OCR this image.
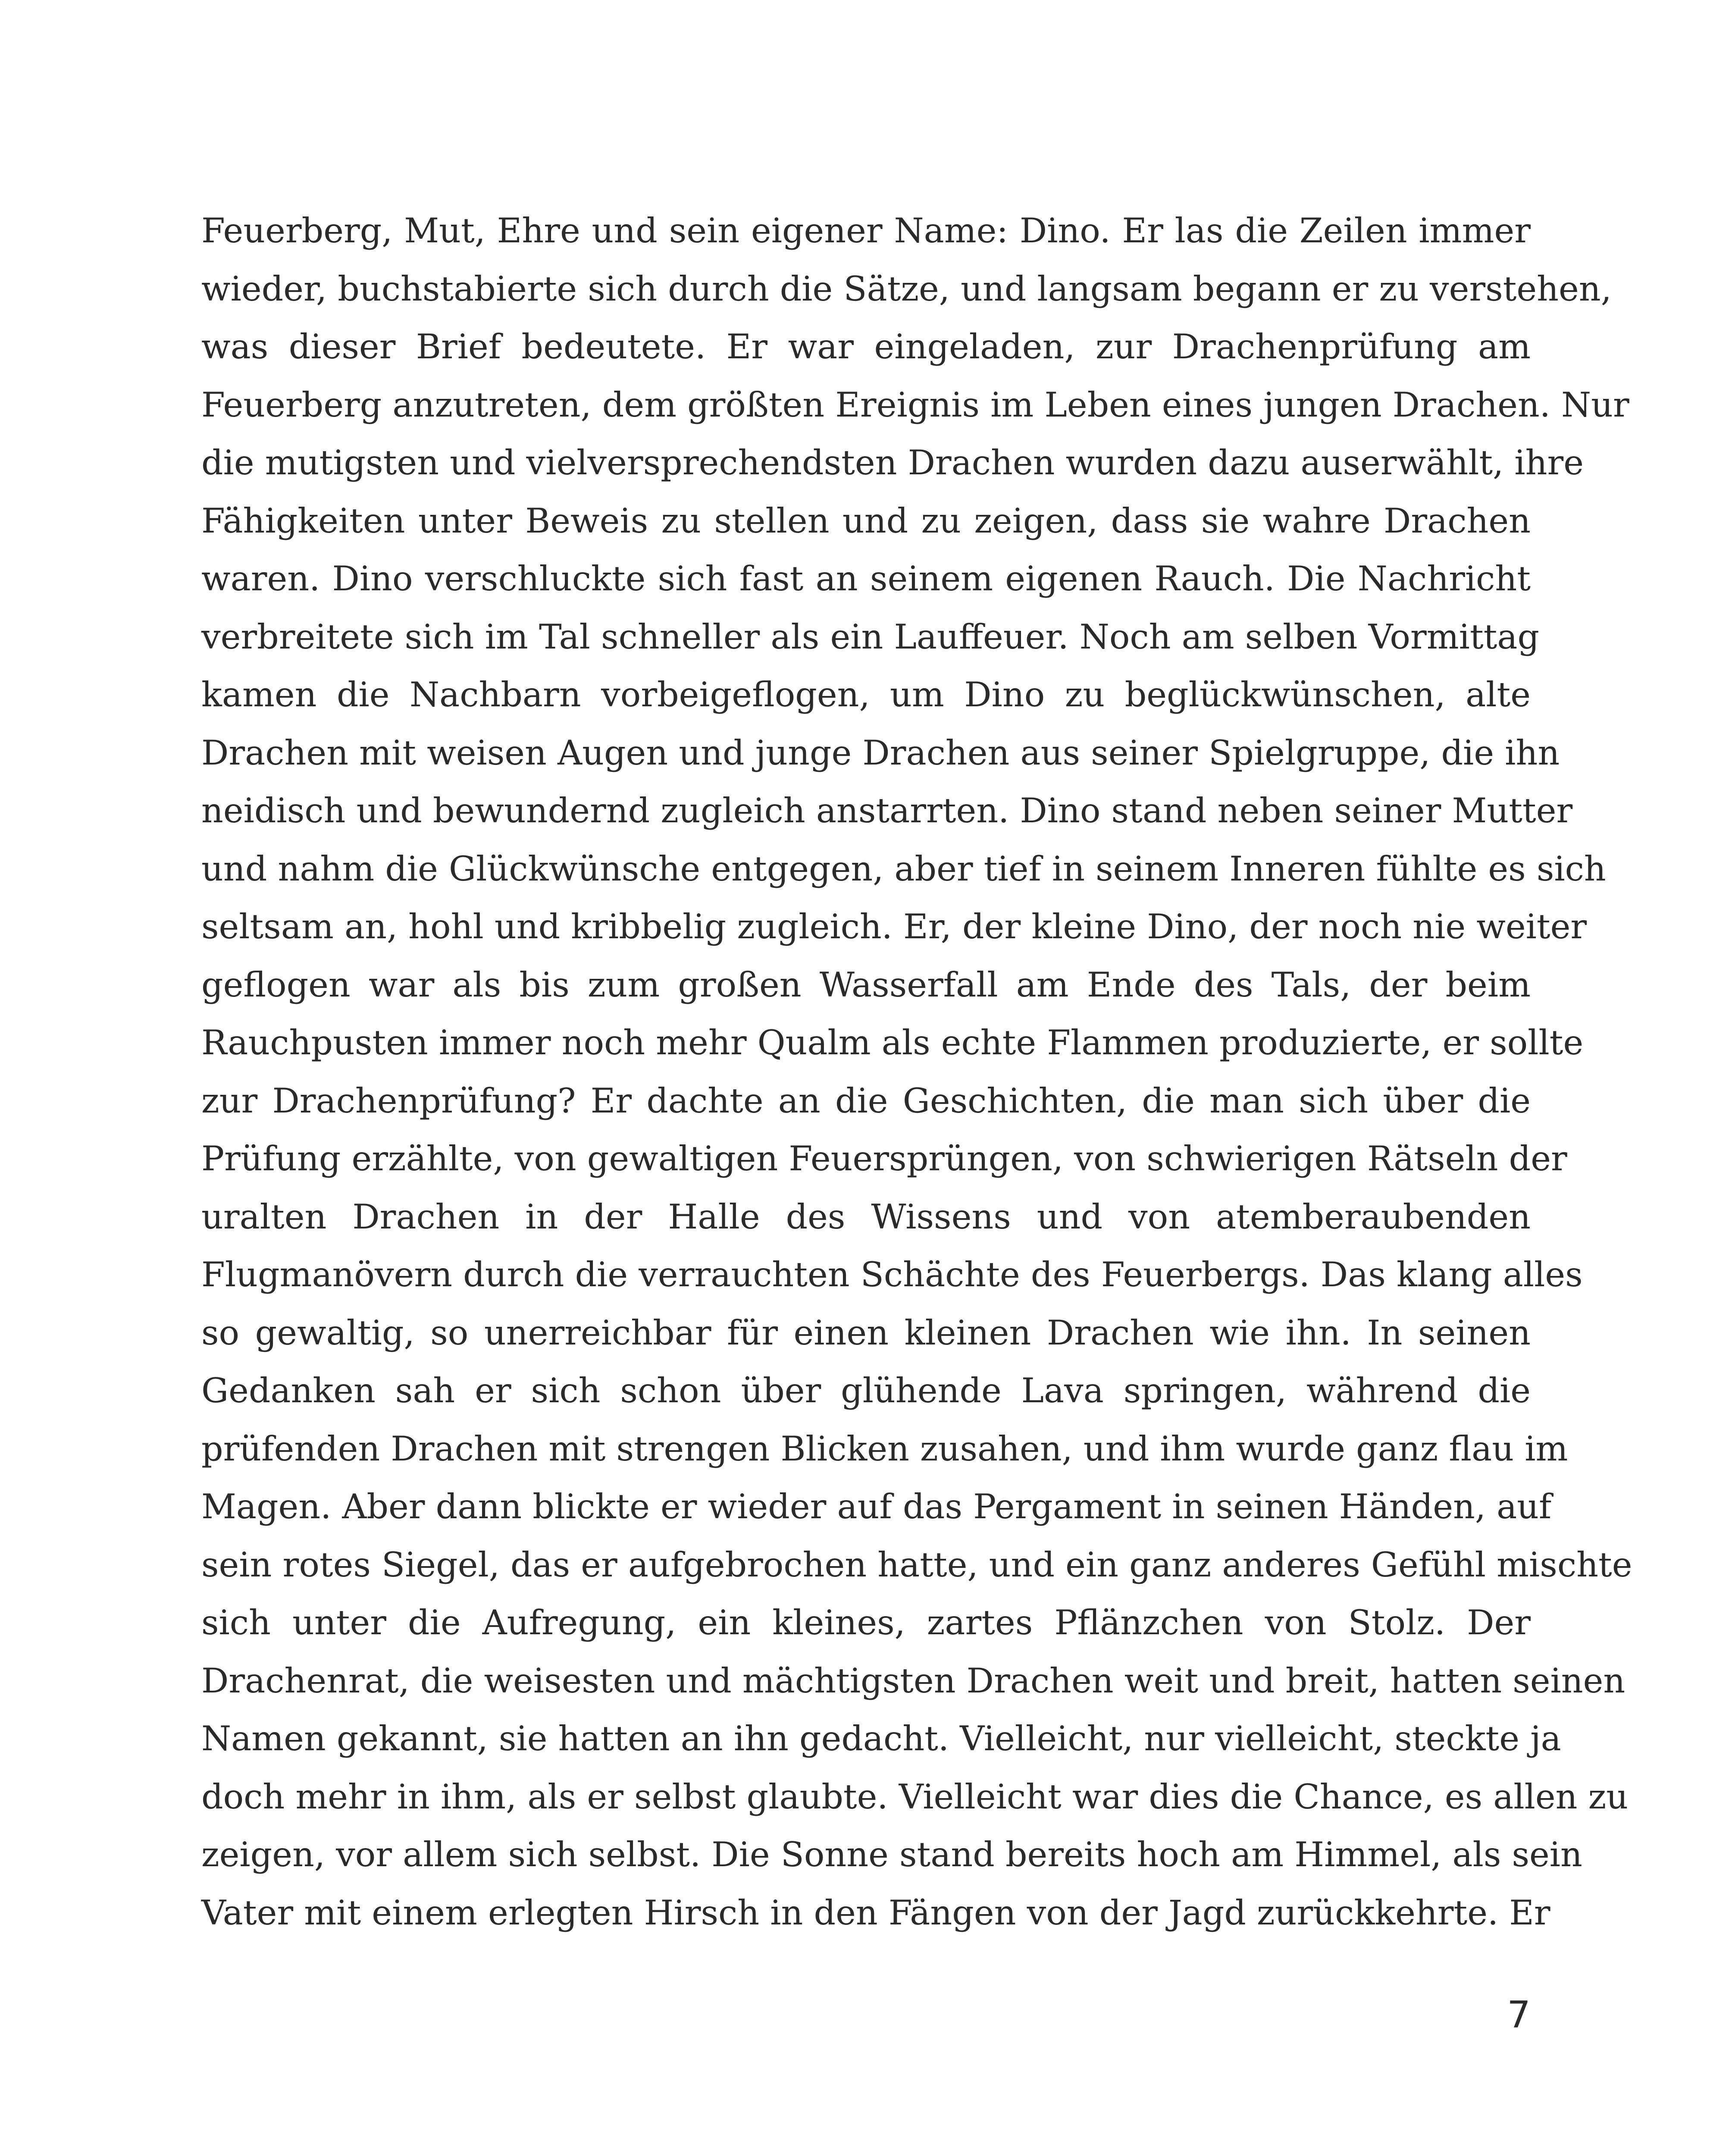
Feuerberg, Mut, Ehre und sein eigener Name: Dino. Er las die Zeilen immer
wieder, buchstabierte sich durch die Sätze, und langsam begann er zu verstehen,
was dieser Brief bedeutete. Er war eingeladen, zur Drachenprüfung am
Feuerberg anzutreten, dem größten Ereignis im Leben eines jungen Drachen. Nur
die mutigsten und vielversprechendsten Drachen wurden dazu auserwählt, ihre
Fähigkeiten unter Beweis zu stellen und zu zeigen, dass sie wahre Drachen
waren. Dino verschluckte sich fast an seinem eigenen Rauch. Die Nachricht
verbreitete sich im Tal schneller als ein Lauffeuer. Noch am selben Vormittag
kamen die Nachbarn vorbeigeflogen, um Dino zu beglückwünschen, alte
Drachen mit weisen Augen und junge Drachen aus seiner Spielgruppe, die ihn
neidisch und bewundernd zugleich anstarrten. Dino stand neben seiner Mutter
und nahm die Glückwünsche entgegen, aber tief in seinem Inneren fühlte es sich
seltsam an, hohl und kribbelig zugleich. Er, der kleine Dino, der noch nie weiter
geflogen war als bis zum großen Wasserfall am Ende des Tals, der beim
Rauchpusten immer noch mehr Qualm als echte Flammen produzierte, er sollte
zur Drachenprüfung? Er dachte an die Geschichten, die man sich über die
Prüfung erzählte, von gewaltigen Feuersprüngen, von schwierigen Rätseln der
uralten Drachen in der Halle des Wissens und von atemberaubenden
Flugmanövern durch die verrauchten Schächte des Feuerbergs. Das klang alles
so gewaltig, so unerreichbar für einen kleinen Drachen wie ihn. In seinen
Gedanken sah er sich schon über glühende Lava springen, während die
prüfenden Drachen mit strengen Blicken zusahen, und ihm wurde ganz flau im
Magen. Aber dann blickte er wieder auf das Pergament in seinen Händen, auf
sein rotes Siegel, das er aufgebrochen hatte, und ein ganz anderes Gefühl mischte
sich unter die Aufregung, ein kleines, zartes Pflänzchen von Stolz. Der
Drachenrat, die weisesten und mächtigsten Drachen weit und breit, hatten seinen
Namen gekannt, sie hatten an ihn gedacht. Vielleicht, nur vielleicht, steckte ja
doch mehr in ihm, als er selbst glaubte. Vielleicht war dies die Chance, es allen zu
zeigen, vor allem sich selbst. Die Sonne stand bereits hoch am Himmel, als sein
Vater mit einem erlegten Hirsch in den Fängen von der Jagd zurückkehrte. Er
7
